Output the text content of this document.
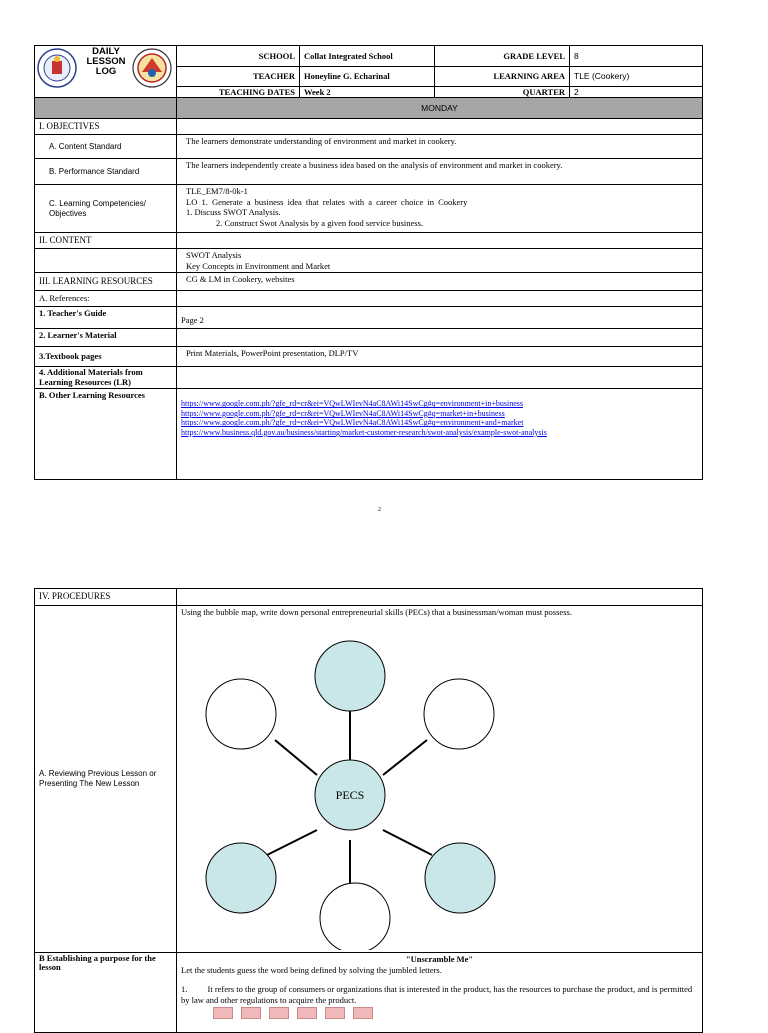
DAILY LESSON LOG	SCHOOL	Collat Integrated School	GRADE LEVEL	8
	TEACHER	Honeyline G. Echarinal	LEARNING AREA	TLE (Cookery)
	TEACHING DATES	Week 2	QUARTER	2
	MONDAY
I. OBJECTIVES	
A. Content Standard	The learners demonstrate understanding of environment and market in cookery.
B. Performance Standard	The learners independently create a business idea based on the analysis of environment and market in cookery.
C. Learning Competencies/ Objectives	TLE_EM7/8-0k-1
LO 1. Generate a business idea that relates with a career choice in Cookery
1. Discuss SWOT Analysis.
2. Construct Swot Analysis by a given food service business.

II. CONTENT	

	SWOT Analysis
Key Concepts in Environment and Market

III. LEARNING RESOURCES	CG & LM in Cookery, websites
A. References:	
1. Teacher's Guide	Page 2
2. Learner's Material	
3.Textbook pages	Print Materials, PowerPoint presentation, DLP/TV
4. Additional Materials from Learning Resources (LR)	
B. Other Learning Resources	https://www.google.com.ph/?gfe_rd=cr&ei=VQwLWIevN4aC8AWi14SwCg#q=environment+in+business
https://www.google.com.ph/?gfe_rd=cr&ei=VQwLWIevN4aC8AWi14SwCg#q=market+in+business
https://www.google.com.ph/?gfe_rd=cr&ei=VQwLWIevN4aC8AWi14SwCg#q=environment+and+market
https://www.business.qld.gov.au/business/starting/market-customer-research/swot-analysis/example-swot-analysis
2
IV. PROCEDURES	
A. Reviewing Previous Lesson or Presenting The New Lesson	Using the bubble map, write down personal entrepreneurial skills (PECs) that a businessman/woman must possess.
PECS

B Establishing a purpose for the lesson	"Unscramble Me"
Let the students guess the word being defined by solving the jumbled letters.
1. It refers to the group of consumers or organizations that is interested in the product, has the resources to purchase the product, and is permitted by law and other regulations to acquire the product.
